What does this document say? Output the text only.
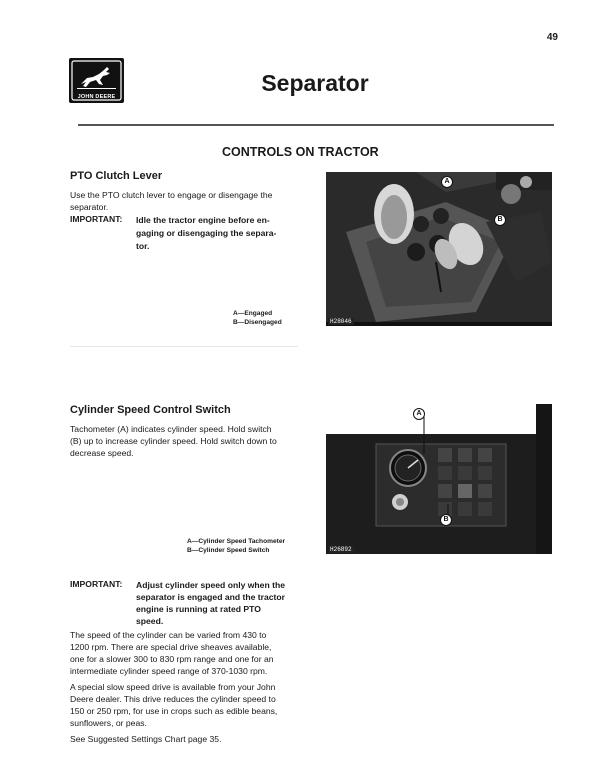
49
JOHN DEERE
Separator
CONTROLS ON TRACTOR
PTO Clutch Lever

Use the PTO clutch lever to engage or disengage the separator.

IMPORTANT: Idle the tractor engine before en-
gaging or disengaging the separa-
tor.
A—Engaged
B—Disengaged
A
B
H28046
Cylinder Speed Control Switch

Tachometer (A) indicates cylinder speed. Hold switch

(B) up to increase cylinder speed. Hold switch down to

decrease speed.

A—Cylinder Speed Tachometer
B—Cylinder Speed Switch
A
B
H26892
IMPORTANT: Adjust cylinder speed only when the
separator is engaged and the tractor
engine is running at rated PTO
speed.

The speed of the cylinder can be varied from 430 to

1200 rpm. There are special drive sheaves available,

one for a slower 300 to 830 rpm range and one for an

intermediate cylinder speed range of 370-1030 rpm.

A special slow speed drive is available from your John

Deere dealer. This drive reduces the cylinder speed to

150 or 250 rpm, for use in crops such as edible beans,

sunflowers, or peas.

See Suggested Settings Chart page 35.
